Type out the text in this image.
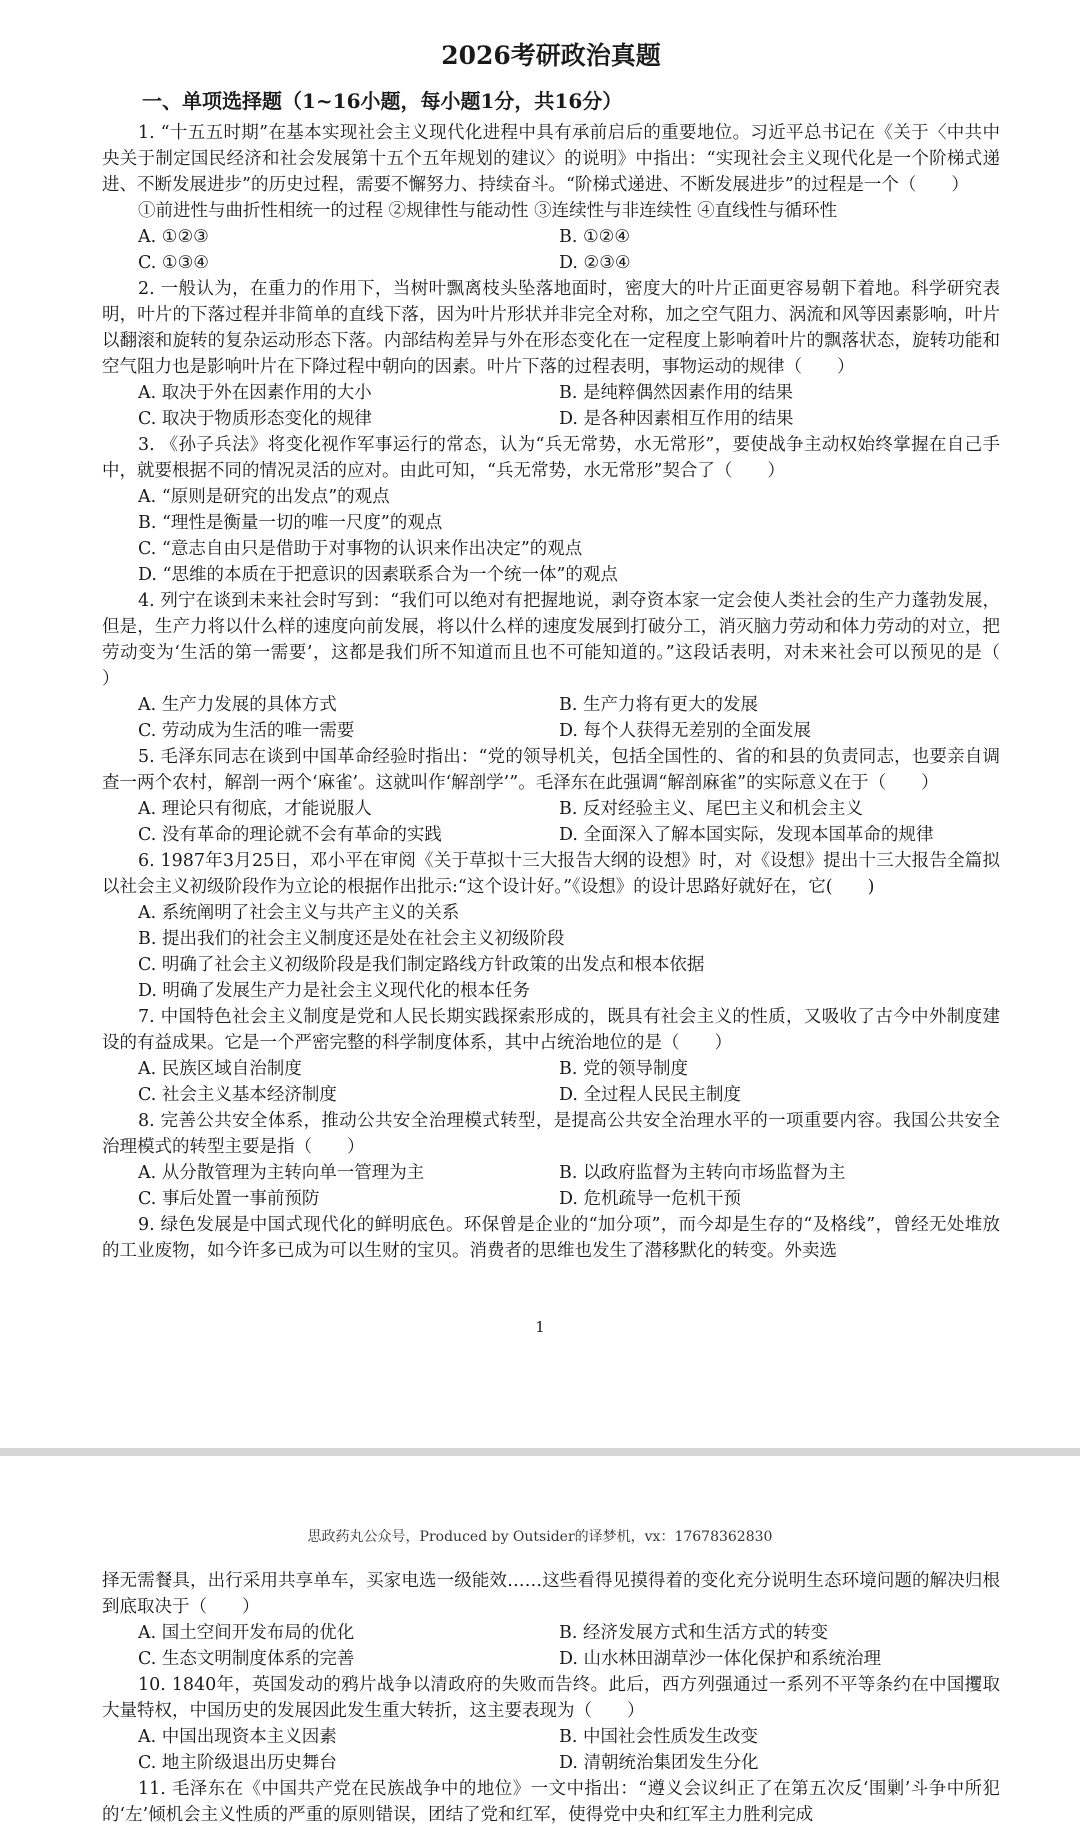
2026考研政治真题
一、单项选择题（1~16小题，每小题1分，共16分）

1. “十五五时期”在基本实现社会主义现代化进程中具有承前启后的重要地位。习近平总书记在《关于〈中共中央关于制定国民经济和社会发展第十五个五年规划的建议〉的说明》中指出：“实现社会主义现代化是一个阶梯式递进、不断发展进步”的历史过程，需要不懈努力、持续奋斗。“阶梯式递进、不断发展进步”的过程是一个（　　）

①前进性与曲折性相统一的过程 ②规律性与能动性 ③连续性与非连续性 ④直线性与循环性
A. ①②③	B. ①②④
C. ①③④	D. ②③④

2. 一般认为，在重力的作用下，当树叶飘离枝头坠落地面时，密度大的叶片正面更容易朝下着地。科学研究表明，叶片的下落过程并非简单的直线下落，因为叶片形状并非完全对称，加之空气阻力、涡流和风等因素影响，叶片以翻滚和旋转的复杂运动形态下落。内部结构差异与外在形态变化在一定程度上影响着叶片的飘落状态，旋转功能和空气阻力也是影响叶片在下降过程中朝向的因素。叶片下落的过程表明，事物运动的规律（　　）

A. 取决于外在因素作用的大小	B. 是纯粹偶然因素作用的结果
C. 取决于物质形态变化的规律	D. 是各种因素相互作用的结果

3. 《孙子兵法》将变化视作军事运行的常态，认为“兵无常势，水无常形”，要使战争主动权始终掌握在自己手中，就要根据不同的情况灵活的应对。由此可知，“兵无常势，水无常形”契合了（　　）

A. “原则是研究的出发点”的观点
B. “理性是衡量一切的唯一尺度”的观点
C. “意志自由只是借助于对事物的认识来作出决定”的观点
D. “思维的本质在于把意识的因素联系合为一个统一体”的观点

4. 列宁在谈到未来社会时写到：“我们可以绝对有把握地说，剥夺资本家一定会使人类社会的生产力蓬勃发展，但是，生产力将以什么样的速度向前发展，将以什么样的速度发展到打破分工，消灭脑力劳动和体力劳动的对立，把劳动变为‘生活的第一需要’，这都是我们所不知道而且也不可能知道的。”这段话表明，对未来社会可以预见的是（　　）

A. 生产力发展的具体方式	B. 生产力将有更大的发展
C. 劳动成为生活的唯一需要	D. 每个人获得无差别的全面发展

5. 毛泽东同志在谈到中国革命经验时指出：“党的领导机关，包括全国性的、省的和县的负责同志，也要亲自调查一两个农村，解剖一两个‘麻雀’。这就叫作‘解剖学’”。毛泽东在此强调“解剖麻雀”的实际意义在于（　　）

A. 理论只有彻底，才能说服人	B. 反对经验主义、尾巴主义和机会主义
C. 没有革命的理论就不会有革命的实践	D. 全面深入了解本国实际，发现本国革命的规律

6. 1987年3月25日，邓小平在审阅《关于草拟十三大报告大纲的设想》时，对《设想》提出十三大报告全篇拟以社会主义初级阶段作为立论的根据作出批示:“这个设计好。”《设想》的设计思路好就好在，它(　　)

A. 系统阐明了社会主义与共产主义的关系
B. 提出我们的社会主义制度还是处在社会主义初级阶段
C. 明确了社会主义初级阶段是我们制定路线方针政策的出发点和根本依据
D. 明确了发展生产力是社会主义现代化的根本任务

7. 中国特色社会主义制度是党和人民长期实践探索形成的，既具有社会主义的性质，又吸收了古今中外制度建设的有益成果。它是一个严密完整的科学制度体系，其中占统治地位的是（　　）

A. 民族区域自治制度	B. 党的领导制度
C. 社会主义基本经济制度	D. 全过程人民民主制度

8. 完善公共安全体系，推动公共安全治理模式转型，是提高公共安全治理水平的一项重要内容。我国公共安全治理模式的转型主要是指（　　）

A. 从分散管理为主转向单一管理为主	B. 以政府监督为主转向市场监督为主
C. 事后处置一事前预防	D. 危机疏导一危机干预

9. 绿色发展是中国式现代化的鲜明底色。环保曾是企业的“加分项”，而今却是生存的“及格线”，曾经无处堆放的工业废物，如今许多已成为可以生财的宝贝。消费者的思维也发生了潜移默化的转变。外卖选

1
思政药丸公众号，Produced by Outsider的译梦机，vx：17678362830

择无需餐具，出行采用共享单车，买家电选一级能效……这些看得见摸得着的变化充分说明生态环境问题的解决归根到底取决于（　　）

A. 国土空间开发布局的优化	B. 经济发展方式和生活方式的转变
C. 生态文明制度体系的完善	D. 山水林田湖草沙一体化保护和系统治理

10. 1840年，英国发动的鸦片战争以清政府的失败而告终。此后，西方列强通过一系列不平等条约在中国攫取大量特权，中国历史的发展因此发生重大转折，这主要表现为（　　）

A. 中国出现资本主义因素	B. 中国社会性质发生改变
C. 地主阶级退出历史舞台	D. 清朝统治集团发生分化

11. 毛泽东在《中国共产党在民族战争中的地位》一文中指出：“遵义会议纠正了在第五次反‘围剿’斗争中所犯的‘左’倾机会主义性质的严重的原则错误，团结了党和红军，使得党中央和红军主力胜利完成
